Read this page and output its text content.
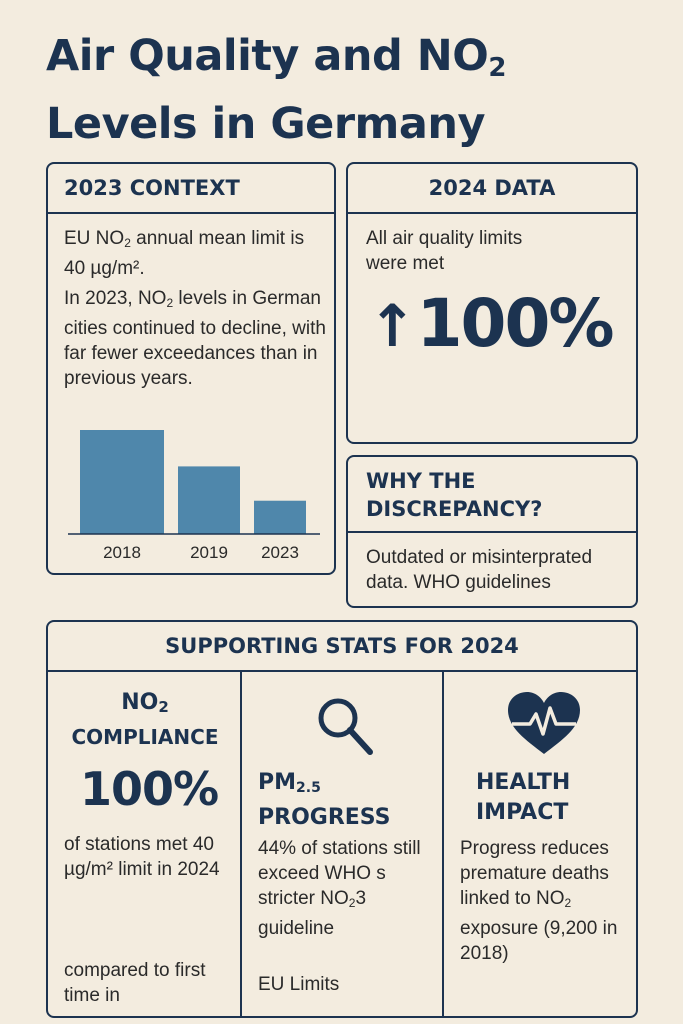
Air Quality and $NO_2$
Levels in Germany
2023 CONTEXT
EU $NO_2$ annual mean limit is 40 µg/m².
In 2023, $NO_2$ levels in German cities continued to decline, with far fewer exceedances than in previous years.
2018	2019 2023
2024 DATA
All air quality limits were met
↑100%
WHY THE
DISCREPANCY?
Outdated or misinterprated data. WHO guidelines
SUPPORTING STATS FOR 2024
$NO_2$
COMPLIANCE
100%
of stations met 40 µg/m² limit in 2024
compared to first time in
$PM_{2.5}$
PROGRESS
44% of stations still exceed WHO s stricter $NO_23$ guideline
EU Limits
HEALTH
IMPACT
Progress reduces premature deaths linked to $NO_2$ exposure (9,200 in 2018)
